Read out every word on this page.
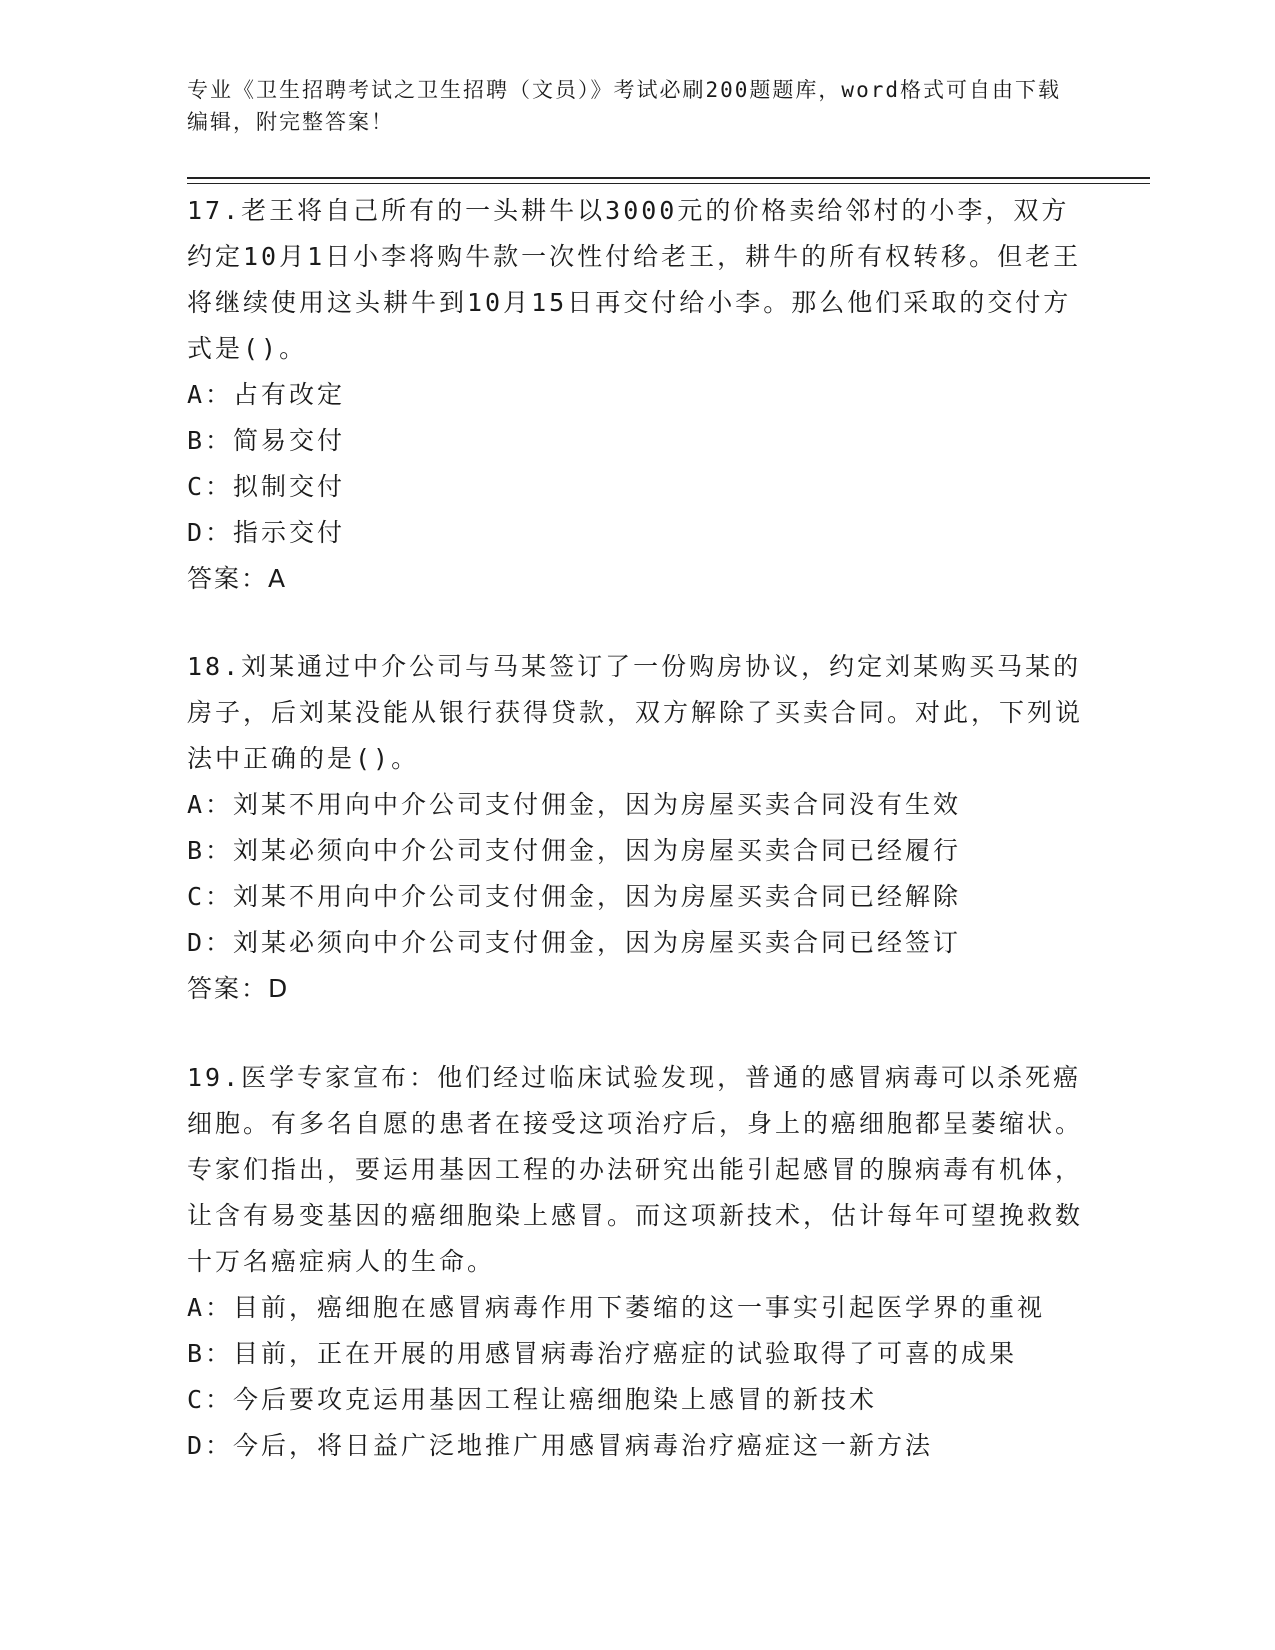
专业《卫生招聘考试之卫生招聘（文员）》考试必刷200题题库，word格式可自由下载编辑，附完整答案！

17.老王将自己所有的一头耕牛以3000元的价格卖给邻村的小李，双方约定10月1日小李将购牛款一次性付给老王，耕牛的所有权转移。但老王将继续使用这头耕牛到10月15日再交付给小李。那么他们采取的交付方式是()。

A：占有改定

B：简易交付

C：拟制交付

D：指示交付

答案：A

18.刘某通过中介公司与马某签订了一份购房协议，约定刘某购买马某的房子，后刘某没能从银行获得贷款，双方解除了买卖合同。对此，下列说法中正确的是()。

A：刘某不用向中介公司支付佣金，因为房屋买卖合同没有生效

B：刘某必须向中介公司支付佣金，因为房屋买卖合同已经履行

C：刘某不用向中介公司支付佣金，因为房屋买卖合同已经解除

D：刘某必须向中介公司支付佣金，因为房屋买卖合同已经签订

答案：D

19.医学专家宣布：他们经过临床试验发现，普通的感冒病毒可以杀死癌细胞。有多名自愿的患者在接受这项治疗后，身上的癌细胞都呈萎缩状。专家们指出，要运用基因工程的办法研究出能引起感冒的腺病毒有机体，让含有易变基因的癌细胞染上感冒。而这项新技术，估计每年可望挽救数十万名癌症病人的生命。

A：目前，癌细胞在感冒病毒作用下萎缩的这一事实引起医学界的重视

B：目前，正在开展的用感冒病毒治疗癌症的试验取得了可喜的成果

C：今后要攻克运用基因工程让癌细胞染上感冒的新技术

D：今后，将日益广泛地推广用感冒病毒治疗癌症这一新方法
